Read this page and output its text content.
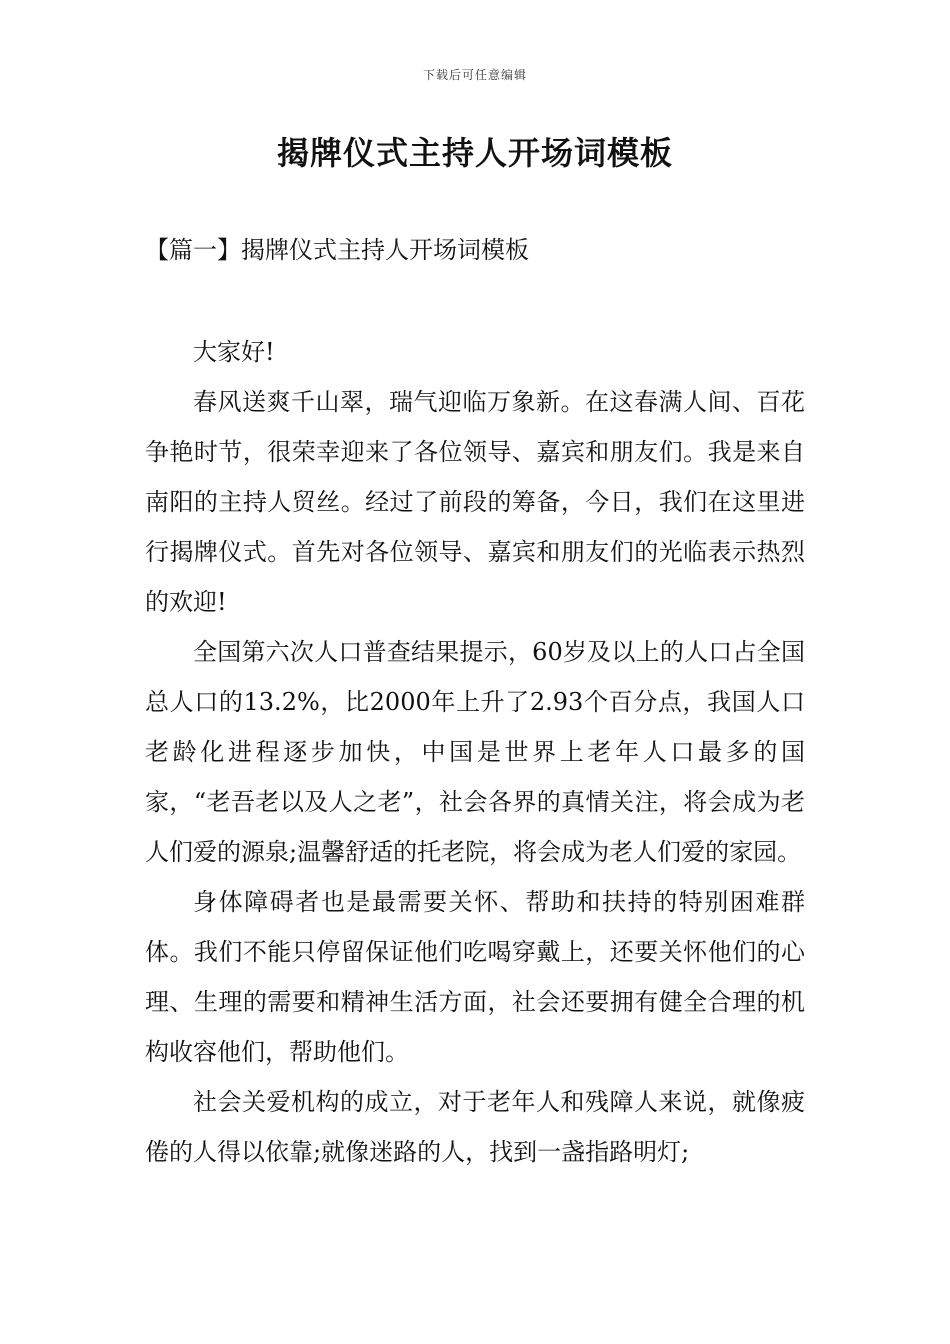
下载后可任意编辑
揭牌仪式主持人开场词模板
【篇一】揭牌仪式主持人开场词模板

大家好!

春风送爽千山翠，瑞气迎临万象新。在这春满人间、百花争艳时节，很荣幸迎来了各位领导、嘉宾和朋友们。我是来自南阳的主持人贸丝。经过了前段的筹备，今日，我们在这里进行揭牌仪式。首先对各位领导、嘉宾和朋友们的光临表示热烈的欢迎!

全国第六次人口普查结果提示，60岁及以上的人口占全国总人口的13.2%，比2000年上升了2.93个百分点，我国人口老龄化进程逐步加快，中国是世界上老年人口最多的国家，“老吾老以及人之老”，社会各界的真情关注，将会成为老人们爱的源泉;温馨舒适的托老院，将会成为老人们爱的家园。

身体障碍者也是最需要关怀、帮助和扶持的特别困难群体。我们不能只停留保证他们吃喝穿戴上，还要关怀他们的心理、生理的需要和精神生活方面，社会还要拥有健全合理的机构收容他们，帮助他们。

社会关爱机构的成立，对于老年人和残障人来说，就像疲倦的人得以依靠;就像迷路的人，找到一盏指路明灯;
